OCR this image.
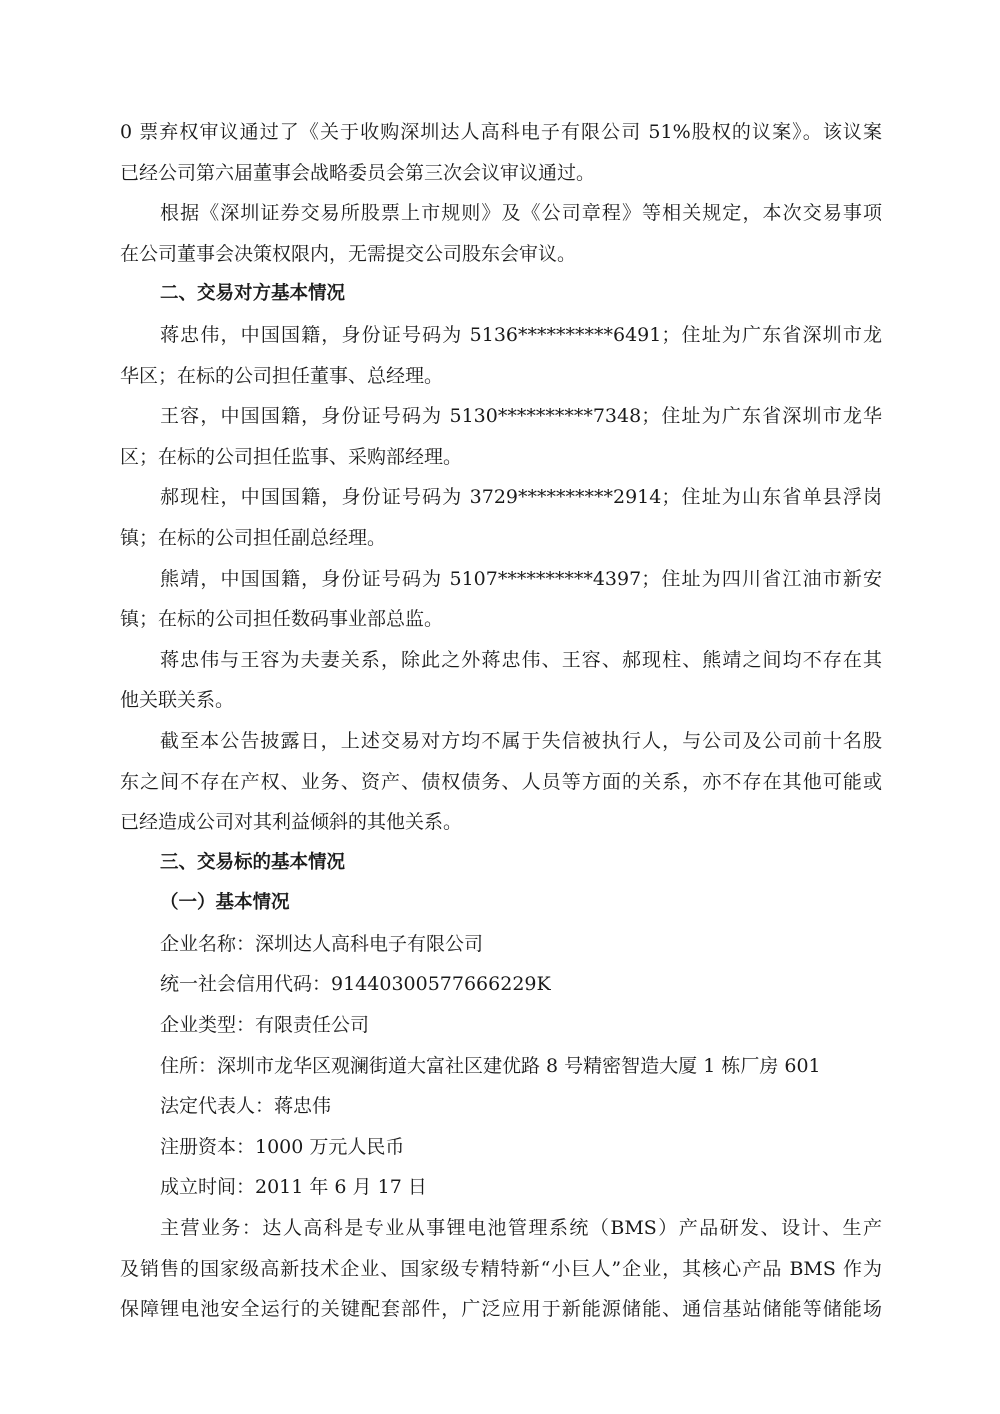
0 票弃权审议通过了《关于收购深圳达人高科电子有限公司 51%股权的议案》。该议案
已经公司第六届董事会战略委员会第三次会议审议通过。
根据《深圳证券交易所股票上市规则》及《公司章程》等相关规定，本次交易事项
在公司董事会决策权限内，无需提交公司股东会审议。
二、交易对方基本情况
蒋忠伟，中国国籍，身份证号码为 5136**********6491；住址为广东省深圳市龙
华区；在标的公司担任董事、总经理。
王容，中国国籍，身份证号码为 5130**********7348；住址为广东省深圳市龙华
区；在标的公司担任监事、采购部经理。
郝现柱，中国国籍，身份证号码为 3729**********2914；住址为山东省单县浮岗
镇；在标的公司担任副总经理。
熊靖，中国国籍，身份证号码为 5107**********4397；住址为四川省江油市新安
镇；在标的公司担任数码事业部总监。
蒋忠伟与王容为夫妻关系，除此之外蒋忠伟、王容、郝现柱、熊靖之间均不存在其
他关联关系。
截至本公告披露日，上述交易对方均不属于失信被执行人，与公司及公司前十名股
东之间不存在产权、业务、资产、债权债务、人员等方面的关系，亦不存在其他可能或
已经造成公司对其利益倾斜的其他关系。
三、交易标的基本情况
（一）基本情况
企业名称：深圳达人高科电子有限公司
统一社会信用代码：91440300577666229K
企业类型：有限责任公司
住所：深圳市龙华区观澜街道大富社区建优路 8 号精密智造大厦 1 栋厂房 601
法定代表人：蒋忠伟
注册资本：1000 万元人民币
成立时间：2011 年 6 月 17 日
主营业务：达人高科是专业从事锂电池管理系统（BMS）产品研发、设计、生产
及销售的国家级高新技术企业、国家级专精特新“小巨人”企业，其核心产品 BMS 作为
保障锂电池安全运行的关键配套部件，广泛应用于新能源储能、通信基站储能等储能场
